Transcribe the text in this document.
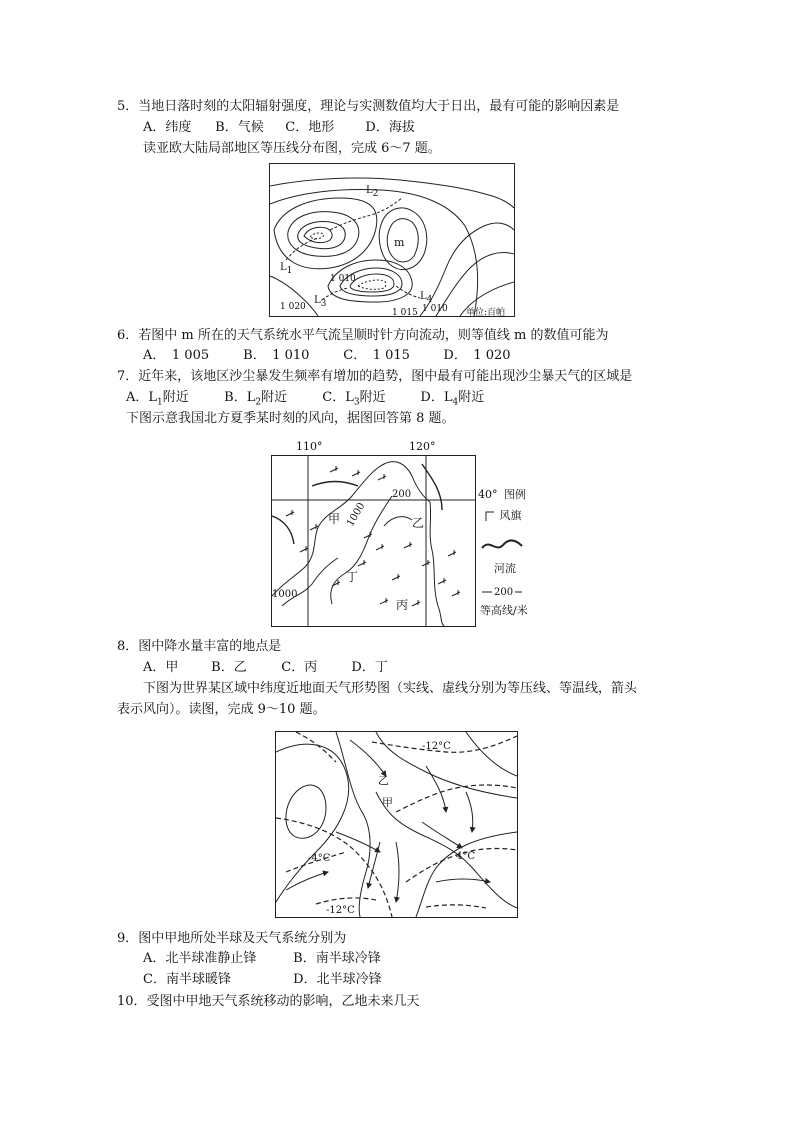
5．当地日落时刻的太阳辐射强度，理论与实测数值均大于日出，最有可能的影响因素是
A．纬度 B．气候 C．地形 D．海拔
读亚欧大陆局部地区等压线分布图，完成 6～7 题。
$L_2$
m
$L_1$
1 010
1 020
$L_3$
$L_4$
1 010
1 015	单位:百帕
6．若图中 m 所在的天气系统水平气流呈顺时针方向流动，则等值线 m 的数值可能为
A．　1 005	B．　1 010	C．　1 015	D．　1 020
7．近年来，该地区沙尘暴发生频率有增加的趋势，图中最有可能出现沙尘暴天气的区域是
A．$L_1$附近	B．$L_2$附近	C．$L_3$附近	D．$L_4$附近
下图示意我国北方夏季某时刻的风向，据图回答第 8 题。
110°	120°
200
1000
1000
甲	乙
丁
丙
40° 图例
风旗
河流
200
等高线/米
8．图中降水量丰富的地点是
A．甲	B．乙	C．丙	D．丁
下图为世界某区域中纬度近地面天气形势图（实线、虚线分别为等压线、等温线，箭头
表示风向）。读图，完成 9～10 题。
-12°C
乙
甲
-4°C	4°C
-12°C
9．图中甲地所处半球及天气系统分别为
A．北半球准静止锋	B．南半球冷锋
C．南半球暖锋	D．北半球冷锋
10．受图中甲地天气系统移动的影响，乙地未来几天
